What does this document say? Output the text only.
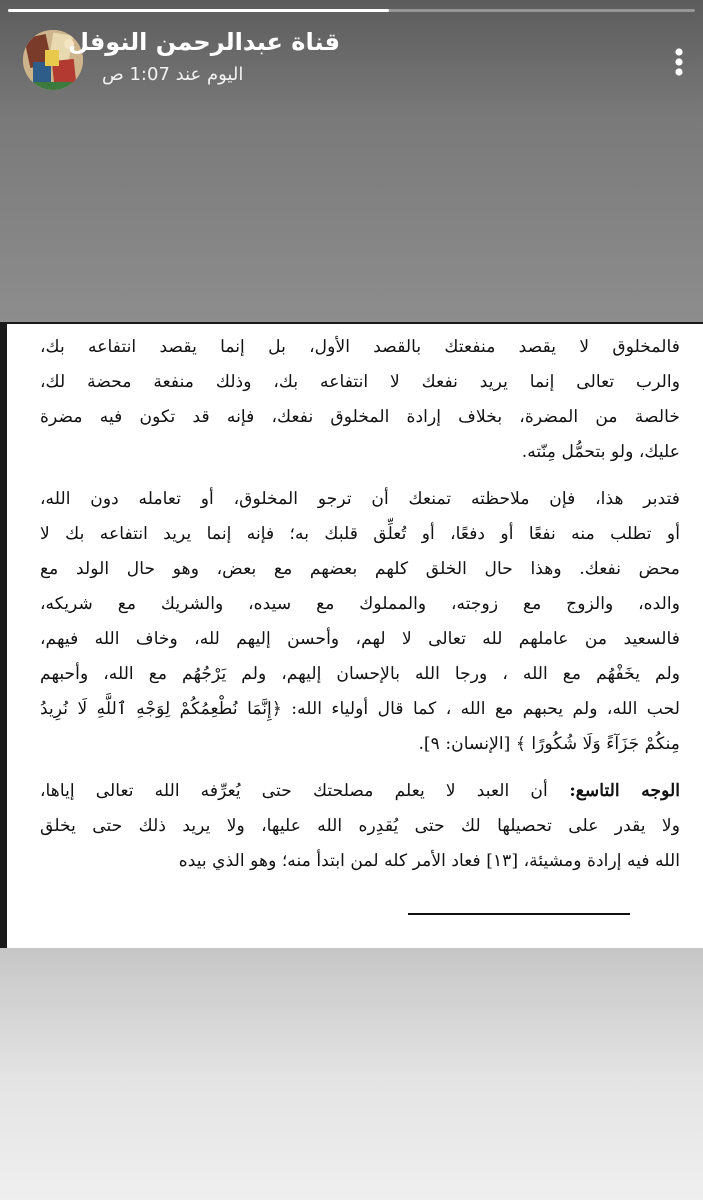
قناة عبدالرحمن النوفل
اليوم عند 1:07 ص
فالمخلوق لا يقصد منفعتك بالقصد الأول، بل إنما يقصد انتفاعه بك،
والرب تعالى إنما يريد نفعك لا انتفاعه بك، وذلك منفعة محضة لك،
خالصة من المضرة، بخلاف إرادة المخلوق نفعك، فإنه قد تكون فيه مضرة
عليك، ولو بتحمُّل مِنّته.
فتدبر هذا، فإن ملاحظته تمنعك أن ترجو المخلوق، أو تعامله دون الله،
أو تطلب منه نفعًا أو دفعًا، أو تُعلِّق قلبك به؛ فإنه إنما يريد انتفاعه بك لا
محض نفعك. وهذا حال الخلق كلهم بعضهم مع بعض، وهو حال الولد مع
والده، والزوج مع زوجته، والمملوك مع سيده، والشريك مع شريكه،
فالسعيد من عاملهم لله تعالى لا لهم، وأحسن إليهم لله، وخاف الله فيهم،
ولم يخَفْهُم مع الله ، ورجا الله بالإحسان إليهم، ولم يَرْجُهُم مع الله، وأحبهم
لحب الله، ولم يحبهم مع الله ، كما قال أولياء الله: ﴿إِنَّمَا نُطْعِمُكُمْ لِوَجْهِ ٱللَّهِ لَا نُرِيدُ
مِنكُمْ جَزَآءً وَلَا شُكُورًا ﴾ [الإنسان: ٩].
الوجه التاسع: أن العبد لا يعلم مصلحتك حتى يُعرِّفه الله تعالى إياها،
ولا يقدر على تحصيلها لك حتى يُقدِره الله عليها، ولا يريد ذلك حتى يخلق
الله فيه إرادة ومشيئة، [١٣] فعاد الأمر كله لمن ابتدأ منه؛ وهو الذي بيده
